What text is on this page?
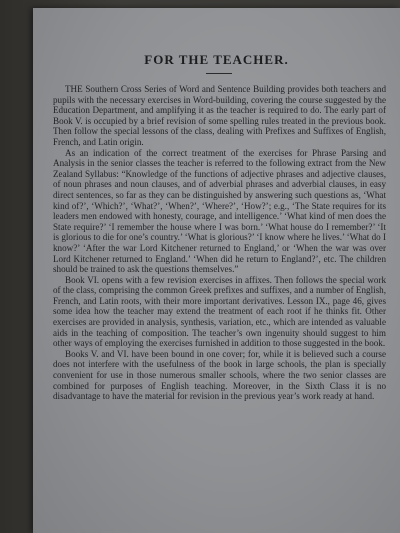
FOR THE TEACHER.

THE Southern Cross Series of Word and Sentence Building provides both teachers and pupils with the necessary exercises in Word-building, covering the course suggested by the Education Department, and amplifying it as the teacher is required to do. The early part of Book V. is occupied by a brief revision of some spelling rules treated in the previous book. Then follow the special lessons of the class, dealing with Prefixes and Suffixes of English, French, and Latin origin.

As an indication of the correct treatment of the exercises for Phrase Parsing and Analysis in the senior classes the teacher is referred to the following extract from the New Zealand Syllabus: “Knowledge of the functions of adjective phrases and adjective clauses, of noun phrases and noun clauses, and of adverbial phrases and adverbial clauses, in easy direct sentences, so far as they can be distinguished by answering such questions as, ‘What kind of?’, ‘Which?’, ‘What?’, ‘When?’, ‘Where?’, ‘How?’; e.g., ‘The State requires for its leaders men endowed with honesty, courage, and intelligence.’ ‘What kind of men does the State require?’ ‘I remember the house where I was born.’ ‘What house do I remember?’ ‘It is glorious to die for one’s country.’ ‘What is glorious?’ ‘I know where he lives.’ ‘What do I know?’ ‘After the war Lord Kitchener returned to England,’ or ‘When the war was over Lord Kitchener returned to England.’ ‘When did he return to England?’, etc. The children should be trained to ask the questions themselves.”

Book VI. opens with a few revision exercises in affixes. Then follows the special work of the class, comprising the common Greek prefixes and suffixes, and a number of English, French, and Latin roots, with their more important derivatives. Lesson IX., page 46, gives some idea how the teacher may extend the treatment of each root if he thinks fit. Other exercises are provided in analysis, synthesis, variation, etc., which are intended as valuable aids in the teaching of composition. The teacher’s own ingenuity should suggest to him other ways of employing the exercises furnished in addition to those suggested in the book.

Books V. and VI. have been bound in one cover; for, while it is believed such a course does not interfere with the usefulness of the book in large schools, the plan is specially convenient for use in those numerous smaller schools, where the two senior classes are combined for purposes of English teaching. Moreover, in the Sixth Class it is no disadvantage to have the material for revision in the previous year’s work ready at hand.
